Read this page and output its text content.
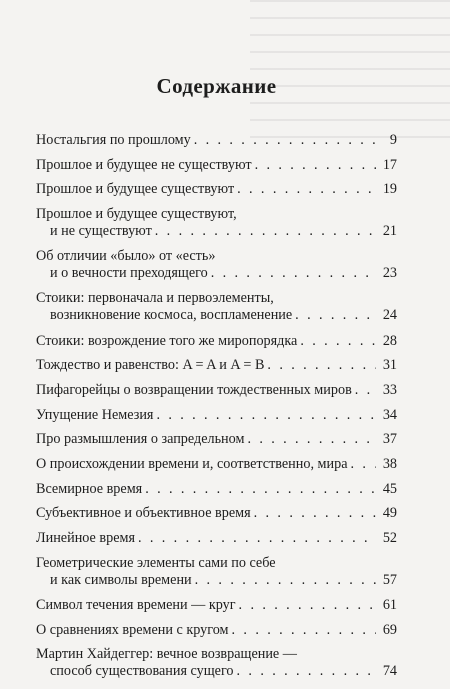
Содержание
Ностальгия по прошлому . . .	9
Прошлое и будущее не существуют . . .	17
Прошлое и будущее существуют . . .	19
Прошлое и будущее существуют,
и не существуют . . .	21
Об отличии «было» от «есть»
и о вечности преходящего . . .	23
Стоики: первоначала и первоэлементы,
возникновение космоса, воспламенение . . .	24
Стоики: возрождение того же миропорядка . . .	28
Тождество и равенство: A = A и A = B . . .	31
Пифагорейцы о возвращении тождественных миров . . . 33
Упущение Немезия . . .	34
Про размышления о запредельном . . .	37
О происхождении времени и, соответственно, мира . . . 38
Всемирное время . . .	45
Субъективное и объективное время . . .	49
Линейное время . . .	52
Геометрические элементы сами по себе
и как символы времени . . .	57
Символ течения времени — круг . . .	61
О сравнениях времени с кругом . . .	69
Мартин Хайдеггер: вечное возвращение —
способ существования сущего . . .	74
